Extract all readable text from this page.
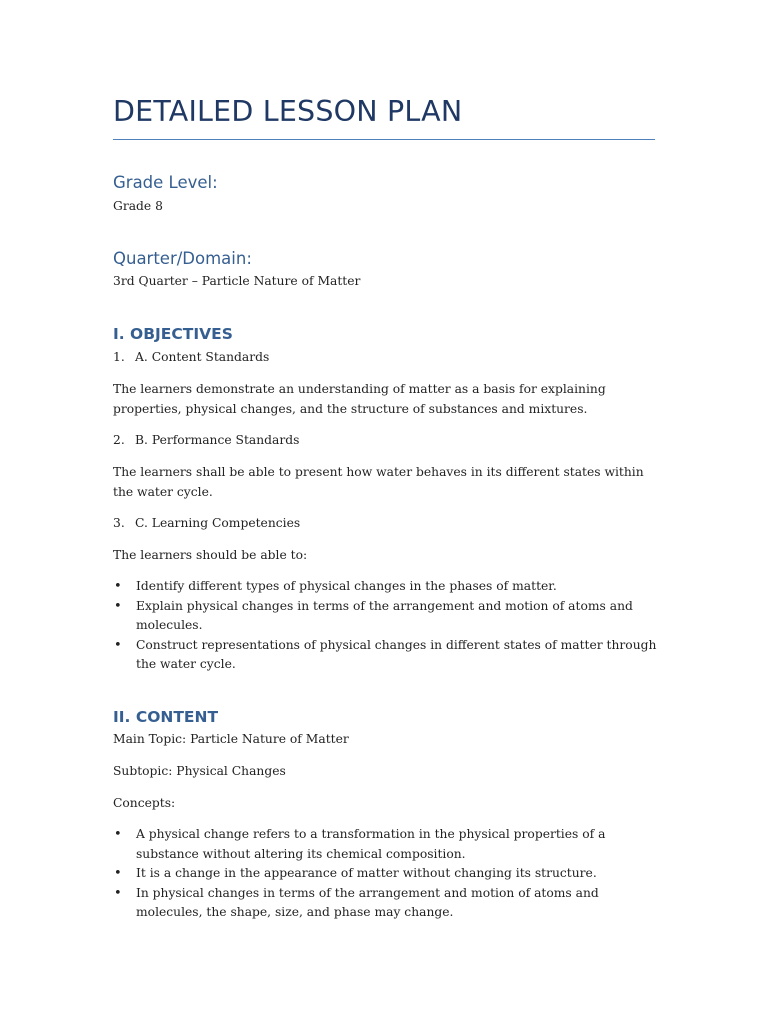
DETAILED LESSON PLAN
Grade Level:
Grade 8
Quarter/Domain:
3rd Quarter – Particle Nature of Matter
I. OBJECTIVES
1. A. Content Standards
The learners demonstrate an understanding of matter as a basis for explaining properties, physical changes, and the structure of substances and mixtures.
2. B. Performance Standards
The learners shall be able to present how water behaves in its different states within the water cycle.
3. C. Learning Competencies
The learners should be able to:
• Identify different types of physical changes in the phases of matter.
• Explain physical changes in terms of the arrangement and motion of atoms and molecules.
• Construct representations of physical changes in different states of matter through the water cycle.
II. CONTENT
Main Topic: Particle Nature of Matter
Subtopic: Physical Changes
Concepts:
• A physical change refers to a transformation in the physical properties of a substance without altering its chemical composition.
• It is a change in the appearance of matter without changing its structure.
• In physical changes in terms of the arrangement and motion of atoms and molecules, the shape, size, and phase may change.
